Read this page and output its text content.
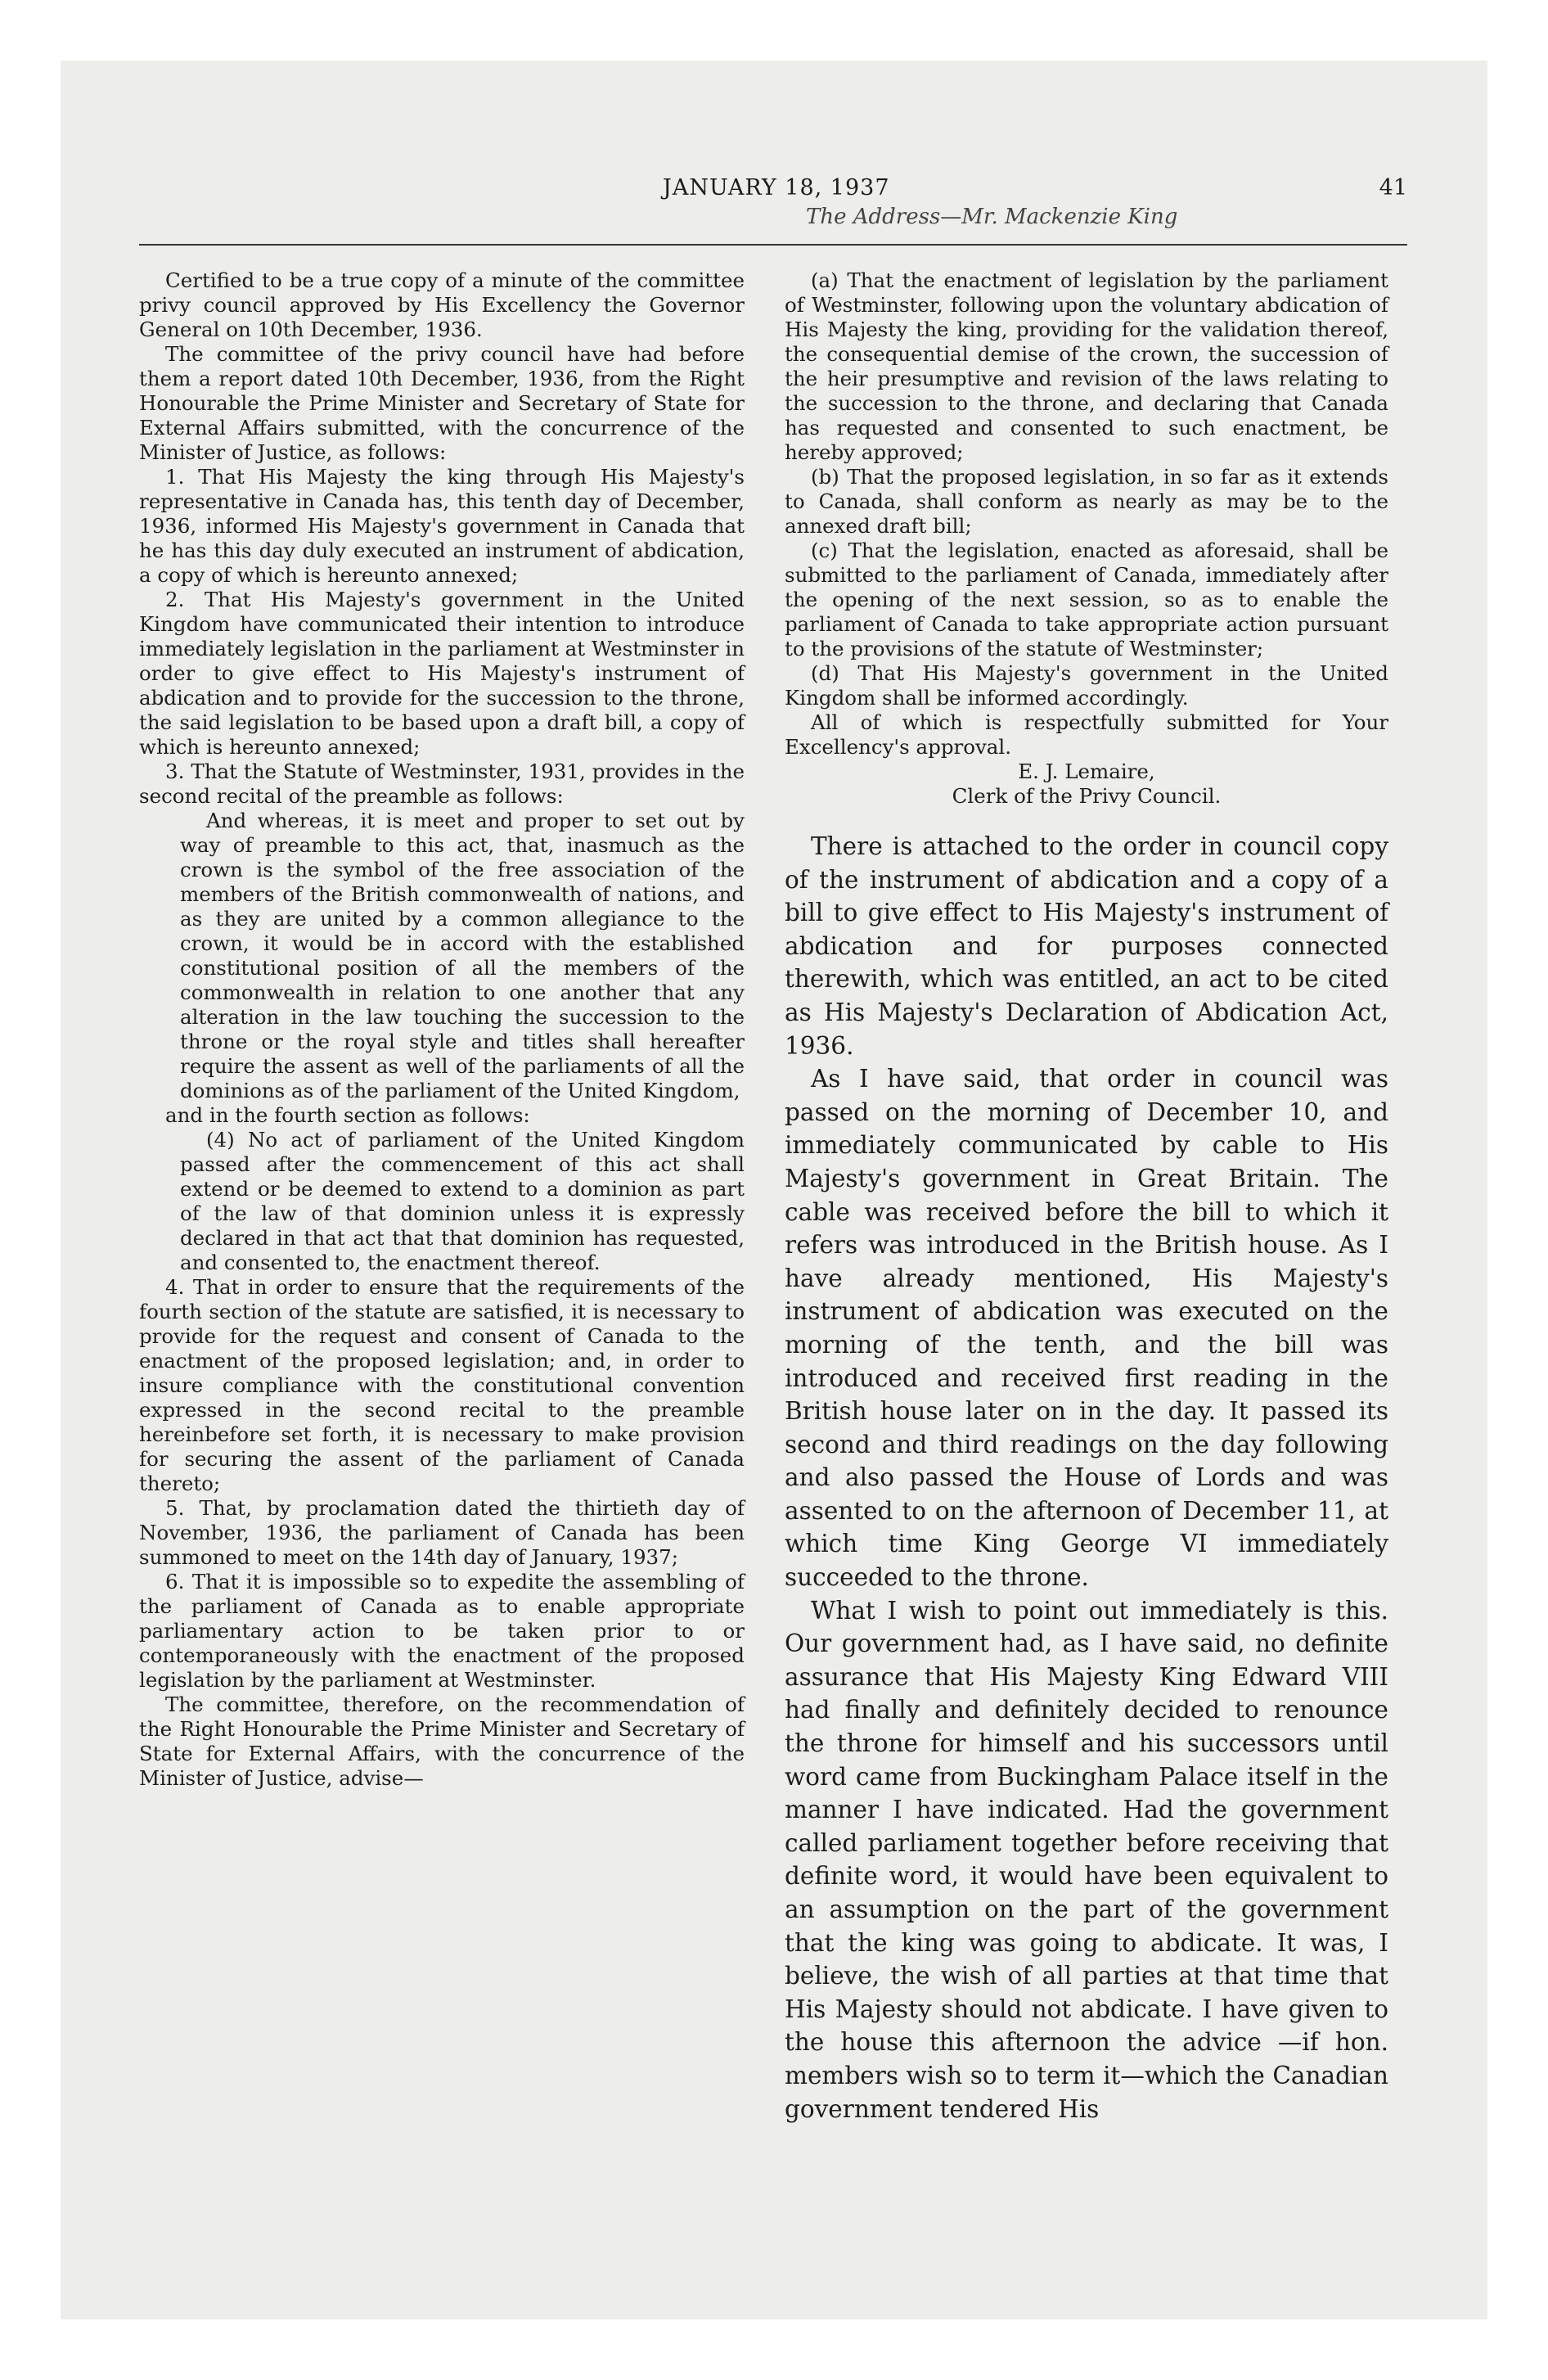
JANUARY 18, 1937	41
The Address—Mr. Mackenzie King

Certified to be a true copy of a minute of the committee privy council approved by His Excellency the Governor General on 10th December, 1936.

The committee of the privy council have had before them a report dated 10th December, 1936, from the Right Honourable the Prime Minister and Secretary of State for External Affairs submitted, with the concurrence of the Minister of Justice, as follows:

1. That His Majesty the king through His Majesty's representative in Canada has, this tenth day of December, 1936, informed His Majesty's government in Canada that he has this day duly executed an instrument of abdication, a copy of which is hereunto annexed;

2. That His Majesty's government in the United Kingdom have communicated their intention to introduce immediately legislation in the parliament at Westminster in order to give effect to His Majesty's instrument of abdication and to provide for the succession to the throne, the said legislation to be based upon a draft bill, a copy of which is hereunto annexed;

3. That the Statute of Westminster, 1931, provides in the second recital of the preamble as follows:

And whereas, it is meet and proper to set out by way of preamble to this act, that, inasmuch as the crown is the symbol of the free association of the members of the British commonwealth of nations, and as they are united by a common allegiance to the crown, it would be in accord with the established constitutional position of all the members of the commonwealth in relation to one another that any alteration in the law touching the succession to the throne or the royal style and titles shall hereafter require the assent as well of the parliaments of all the dominions as of the parliament of the United Kingdom,

and in the fourth section as follows:

(4) No act of parliament of the United Kingdom passed after the commencement of this act shall extend or be deemed to extend to a dominion as part of the law of that dominion unless it is expressly declared in that act that that dominion has requested, and consented to, the enactment thereof.

4. That in order to ensure that the requirements of the fourth section of the statute are satisfied, it is necessary to provide for the request and consent of Canada to the enactment of the proposed legislation; and, in order to insure compliance with the constitutional convention expressed in the second recital to the preamble hereinbefore set forth, it is necessary to make provision for securing the assent of the parliament of Canada thereto;

5. That, by proclamation dated the thirtieth day of November, 1936, the parliament of Canada has been summoned to meet on the 14th day of January, 1937;

6. That it is impossible so to expedite the assembling of the parliament of Canada as to enable appropriate parliamentary action to be taken prior to or contemporaneously with the enactment of the proposed legislation by the parliament at Westminster.

The committee, therefore, on the recommendation of the Right Honourable the Prime Minister and Secretary of State for External Affairs, with the concurrence of the Minister of Justice, advise—

(a) That the enactment of legislation by the parliament of Westminster, following upon the voluntary abdication of His Majesty the king, providing for the validation thereof, the consequential demise of the crown, the succession of the heir presumptive and revision of the laws relating to the succession to the throne, and declaring that Canada has requested and consented to such enactment, be hereby approved;

(b) That the proposed legislation, in so far as it extends to Canada, shall conform as nearly as may be to the annexed draft bill;

(c) That the legislation, enacted as aforesaid, shall be submitted to the parliament of Canada, immediately after the opening of the next session, so as to enable the parliament of Canada to take appropriate action pursuant to the provisions of the statute of Westminster;

(d) That His Majesty's government in the United Kingdom shall be informed accordingly.

All of which is respectfully submitted for Your Excellency's approval.

E. J. Lemaire,

Clerk of the Privy Council.

There is attached to the order in council copy of the instrument of abdication and a copy of a bill to give effect to His Majesty's instrument of abdication and for purposes connected therewith, which was entitled, an act to be cited as His Majesty's Declaration of Abdication Act, 1936.

As I have said, that order in council was passed on the morning of December 10, and immediately communicated by cable to His Majesty's government in Great Britain. The cable was received before the bill to which it refers was introduced in the British house. As I have already mentioned, His Majesty's instrument of abdication was executed on the morning of the tenth, and the bill was introduced and received first reading in the British house later on in the day. It passed its second and third readings on the day following and also passed the House of Lords and was assented to on the afternoon of December 11, at which time King George VI immediately succeeded to the throne.

What I wish to point out immediately is this. Our government had, as I have said, no definite assurance that His Majesty King Edward VIII had finally and definitely decided to renounce the throne for himself and his successors until word came from Buckingham Palace itself in the manner I have indicated. Had the government called parliament together before receiving that definite word, it would have been equivalent to an assumption on the part of the government that the king was going to abdicate. It was, I believe, the wish of all parties at that time that His Majesty should not abdicate. I have given to the house this afternoon the advice —if hon. members wish so to term it—which the Canadian government tendered His
